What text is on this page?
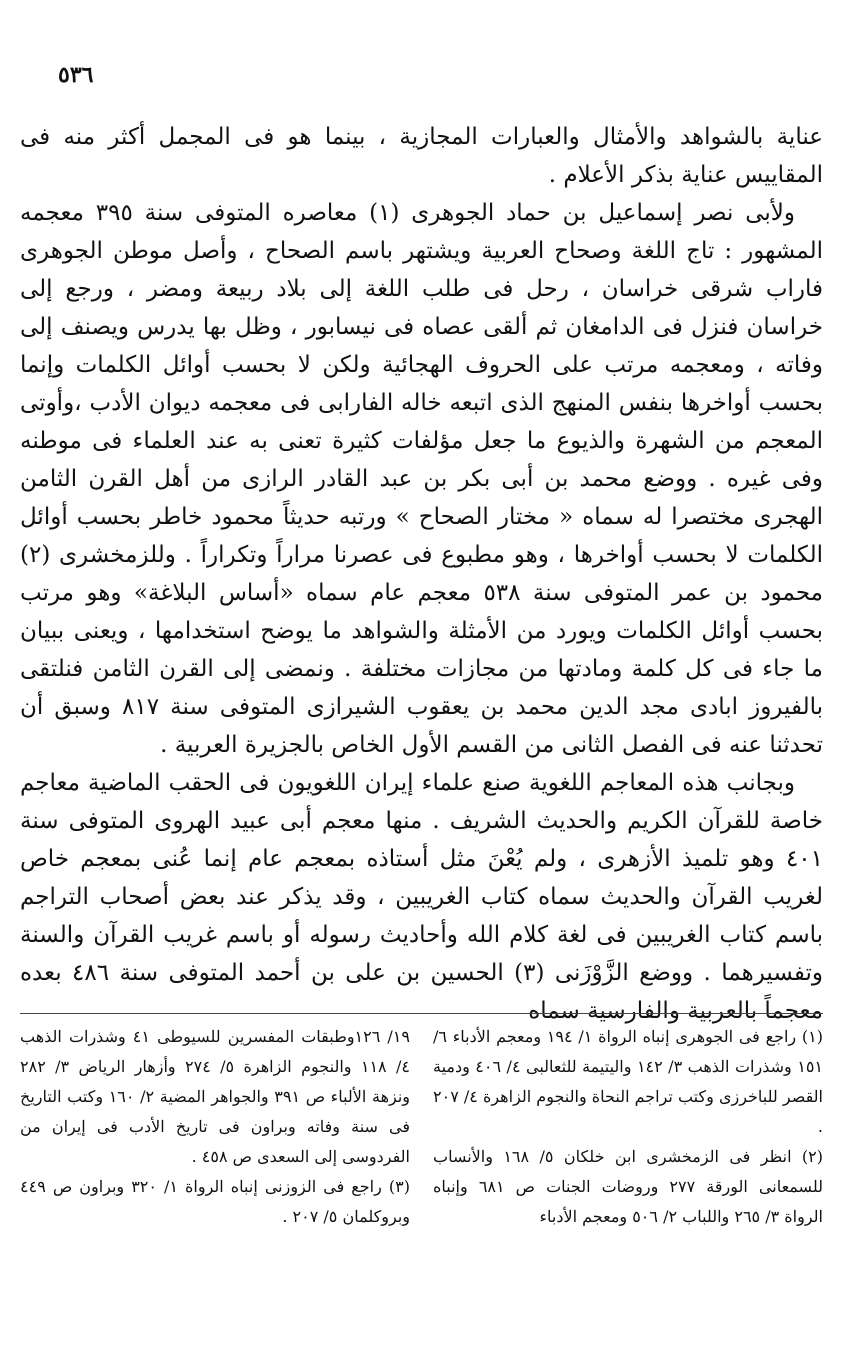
٥٣٦

عناية بالشواهد والأمثال والعبارات المجازية ، بينما هو فى المجمل أكثر منه فى المقاييس عناية بذكر الأعلام .

ولأبى نصر إسماعيل بن حماد الجوهرى (١) معاصره المتوفى سنة ٣٩٥ معجمه المشهور : تاج اللغة وصحاح العربية ويشتهر باسم الصحاح ، وأصل موطن الجوهرى فاراب شرقى خراسان ، رحل فى طلب اللغة إلى بلاد ربيعة ومضر ، ورجع إلى خراسان فنزل فى الدامغان ثم ألقى عصاه فى نيسابور ، وظل بها يدرس ويصنف إلى وفاته ، ومعجمه مرتب على الحروف الهجائية ولكن لا بحسب أوائل الكلمات وإنما بحسب أواخرها بنفس المنهج الذى اتبعه خاله الفارابى فى معجمه ديوان الأدب ،وأوتى المعجم من الشهرة والذيوع ما جعل مؤلفات كثيرة تعنى به عند العلماء فى موطنه وفى غيره . ووضع محمد بن أبى بكر بن عبد القادر الرازى من أهل القرن الثامن الهجرى مختصرا له سماه « مختار الصحاح » ورتبه حديثاً محمود خاطر بحسب أوائل الكلمات لا بحسب أواخرها ، وهو مطبوع فى عصرنا مراراً وتكراراً . وللزمخشرى (٢) محمود بن عمر المتوفى سنة ٥٣٨ معجم عام سماه «أساس البلاغة» وهو مرتب بحسب أوائل الكلمات ويورد من الأمثلة والشواهد ما يوضح استخدامها ، ويعنى ببيان ما جاء فى كل كلمة ومادتها من مجازات مختلفة . ونمضى إلى القرن الثامن فنلتقى بالفيروز ابادى مجد الدين محمد بن يعقوب الشيرازى المتوفى سنة ٨١٧ وسبق أن تحدثنا عنه فى الفصل الثانى من القسم الأول الخاص بالجزيرة العربية .

وبجانب هذه المعاجم اللغوية صنع علماء إيران اللغويون فى الحقب الماضية معاجم خاصة للقرآن الكريم والحديث الشريف . منها معجم أبى عبيد الهروى المتوفى سنة ٤٠١ وهو تلميذ الأزهرى ، ولم يُعْنَ مثل أستاذه بمعجم عام إنما عُنى بمعجم خاص لغريب القرآن والحديث سماه كتاب الغريبين ، وقد يذكر عند بعض أصحاب التراجم باسم كتاب الغريبين فى لغة كلام الله وأحاديث رسوله أو باسم غريب القرآن والسنة وتفسيرهما . ووضع الزَّوْزَنى (٣) الحسين بن على بن أحمد المتوفى سنة ٤٨٦ بعده معجماً بالعربية والفارسية سماه

(١) راجع فى الجوهرى إنباه الرواة ١/ ١٩٤ ومعجم الأدباء ٦/ ١٥١ وشذرات الذهب ٣/ ١٤٢ واليتيمة للثعالبى ٤/ ٤٠٦ ودمية القصر للباخرزى وكتب تراجم النحاة والنجوم الزاهرة ٤/ ٢٠٧ .

(٢) انظر فى الزمخشرى ابن خلكان ٥/ ١٦٨ والأنساب للسمعانى الورقة ٢٧٧ وروضات الجنات ص ٦٨١ وإنباه الرواة ٣/ ٢٦٥ واللباب ٢/ ٥٠٦ ومعجم الأدباء

١٩/ ١٢٦وطبقات المفسرين للسيوطى ٤١ وشذرات الذهب ٤/ ١١٨ والنجوم الزاهرة ٥/ ٢٧٤ وأزهار الرياض ٣/ ٢٨٢ ونزهة الألباء ص ٣٩١ والجواهر المضية ٢/ ١٦٠ وكتب التاريخ فى سنة وفاته وبراون فى تاريخ الأدب فى إيران من الفردوسى إلى السعدى ص ٤٥٨ .

(٣) راجع فى الزوزنى إنباه الرواة ١/ ٣٢٠ وبراون ص ٤٤٩ وبروكلمان ٥/ ٢٠٧ .
